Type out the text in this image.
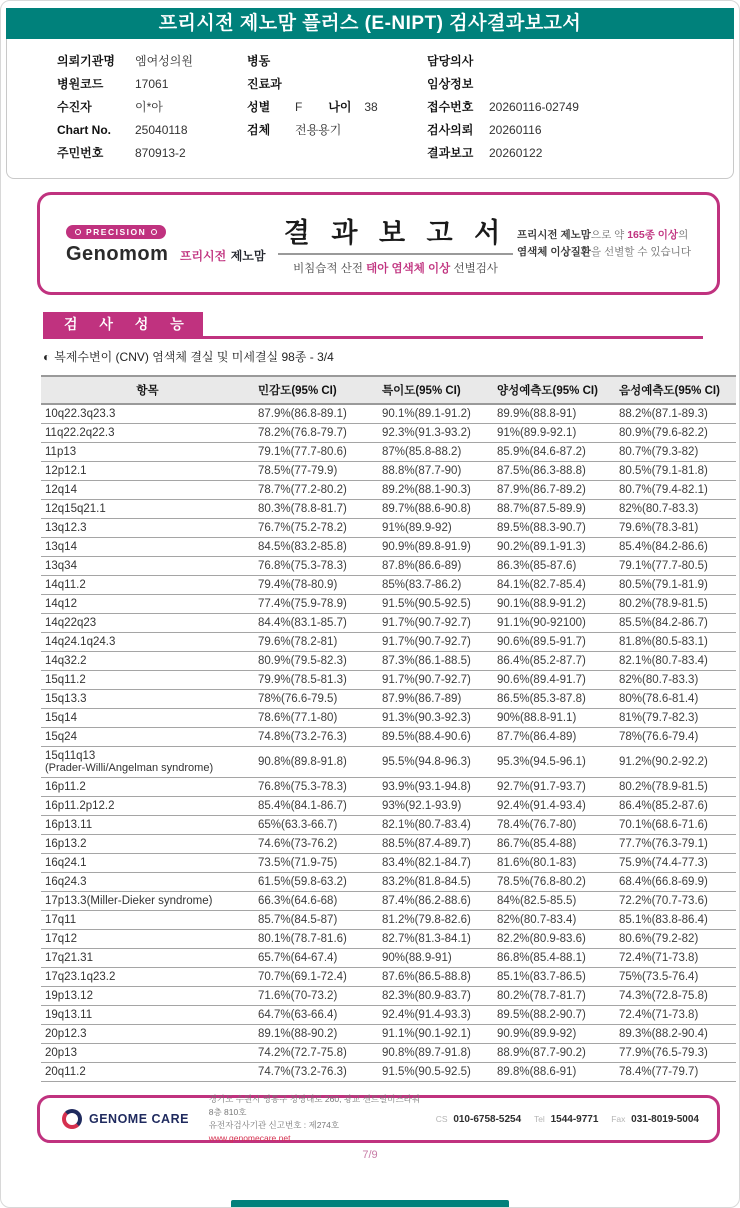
프리시전 제노맘 플러스 (E-NIPT) 검사결과보고서
의뢰기관명 엠여성의원
병원코드	17061
수진자	이*아
Chart No. 25040118
주민번호	870913-2
병동
진료과
성별 F 나이 38
검체 전용용기
담당의사
임상정보
접수번호 20260116-02749
검사의뢰 20260116
결과보고 20260122
PRECISION
Genomom 프리시전 제노맘
결 과 보 고 서
비침습적 산전 태아 염색체 이상 선별검사
프리시전 제노맘으로 약 165종 이상의
염색체 이상질환을 선별할 수 있습니다
검 사 성 능
◐ 복제수변이 (CNV) 염색체 결실 및 미세결실 98종 - 3/4
항목	민감도(95% CI)	특이도(95% CI)	양성예측도(95% CI)	음성예측도(95% CI)

10q22.3q23.3	87.9%(86.8-89.1)	90.1%(89.1-91.2)	89.9%(88.8-91)	88.2%(87.1-89.3)

11q22.2q22.3	78.2%(76.8-79.7)	92.3%(91.3-93.2)	91%(89.9-92.1)	80.9%(79.6-82.2)

11p13	79.1%(77.7-80.6)	87%(85.8-88.2)	85.9%(84.6-87.2)	80.7%(79.3-82)

12p12.1	78.5%(77-79.9)	88.8%(87.7-90)	87.5%(86.3-88.8)	80.5%(79.1-81.8)

12q14	78.7%(77.2-80.2)	89.2%(88.1-90.3)	87.9%(86.7-89.2)	80.7%(79.4-82.1)

12q15q21.1	80.3%(78.8-81.7)	89.7%(88.6-90.8)	88.7%(87.5-89.9)	82%(80.7-83.3)

13q12.3	76.7%(75.2-78.2)	91%(89.9-92)	89.5%(88.3-90.7)	79.6%(78.3-81)

13q14	84.5%(83.2-85.8)	90.9%(89.8-91.9)	90.2%(89.1-91.3)	85.4%(84.2-86.6)

13q34	76.8%(75.3-78.3)	87.8%(86.6-89)	86.3%(85-87.6)	79.1%(77.7-80.5)

14q11.2	79.4%(78-80.9)	85%(83.7-86.2)	84.1%(82.7-85.4)	80.5%(79.1-81.9)

14q12	77.4%(75.9-78.9)	91.5%(90.5-92.5)	90.1%(88.9-91.2)	80.2%(78.9-81.5)

14q22q23	84.4%(83.1-85.7)	91.7%(90.7-92.7)	91.1%(90-92100)	85.5%(84.2-86.7)

14q24.1q24.3	79.6%(78.2-81)	91.7%(90.7-92.7)	90.6%(89.5-91.7)	81.8%(80.5-83.1)

14q32.2	80.9%(79.5-82.3)	87.3%(86.1-88.5)	86.4%(85.2-87.7)	82.1%(80.7-83.4)

15q11.2	79.9%(78.5-81.3)	91.7%(90.7-92.7)	90.6%(89.4-91.7)	82%(80.7-83.3)

15q13.3	78%(76.6-79.5)	87.9%(86.7-89)	86.5%(85.3-87.8)	80%(78.6-81.4)

15q14	78.6%(77.1-80)	91.3%(90.3-92.3)	90%(88.8-91.1)	81%(79.7-82.3)

15q24	74.8%(73.2-76.3)	89.5%(88.4-90.6)	87.7%(86.4-89)	78%(76.6-79.4)

15q11q13
(Prader-Willi/Angelman syndrome)	90.8%(89.8-91.8)	95.5%(94.8-96.3)	95.3%(94.5-96.1)	91.2%(90.2-92.2)

16p11.2	76.8%(75.3-78.3)	93.9%(93.1-94.8)	92.7%(91.7-93.7)	80.2%(78.9-81.5)

16p11.2p12.2	85.4%(84.1-86.7)	93%(92.1-93.9)	92.4%(91.4-93.4)	86.4%(85.2-87.6)

16p13.11	65%(63.3-66.7)	82.1%(80.7-83.4)	78.4%(76.7-80)	70.1%(68.6-71.6)

16p13.2	74.6%(73-76.2)	88.5%(87.4-89.7)	86.7%(85.4-88)	77.7%(76.3-79.1)

16q24.1	73.5%(71.9-75)	83.4%(82.1-84.7)	81.6%(80.1-83)	75.9%(74.4-77.3)

16q24.3	61.5%(59.8-63.2)	83.2%(81.8-84.5)	78.5%(76.8-80.2)	68.4%(66.8-69.9)

17p13.3(Miller-Dieker syndrome)	66.3%(64.6-68)	87.4%(86.2-88.6)	84%(82.5-85.5)	72.2%(70.7-73.6)

17q11	85.7%(84.5-87)	81.2%(79.8-82.6)	82%(80.7-83.4)	85.1%(83.8-86.4)

17q12	80.1%(78.7-81.6)	82.7%(81.3-84.1)	82.2%(80.9-83.6)	80.6%(79.2-82)

17q21.31	65.7%(64-67.4)	90%(88.9-91)	86.8%(85.4-88.1)	72.4%(71-73.8)

17q23.1q23.2	70.7%(69.1-72.4)	87.6%(86.5-88.8)	85.1%(83.7-86.5)	75%(73.5-76.4)

19p13.12	71.6%(70-73.2)	82.3%(80.9-83.7)	80.2%(78.7-81.7)	74.3%(72.8-75.8)

19q13.11	64.7%(63-66.4)	92.4%(91.4-93.3)	89.5%(88.2-90.7)	72.4%(71-73.8)

20p12.3	89.1%(88-90.2)	91.1%(90.1-92.1)	90.9%(89.9-92)	89.3%(88.2-90.4)

20p13	74.2%(72.7-75.8)	90.8%(89.7-91.8)	88.9%(87.7-90.2)	77.9%(76.5-79.3)

20q11.2	74.7%(73.2-76.3)	91.5%(90.5-92.5)	89.8%(88.6-91)	78.4%(77-79.7)
GENOME CARE
경기도 수원시 영통구 청명대로 260, 광교 센트럴비즈타워 8층 810호
유전자검사기관 신고번호 : 제274호
www.genomecare.net
CS 010-6758-5254 Tel 1544-9771 Fax 031-8019-5004
7/9
